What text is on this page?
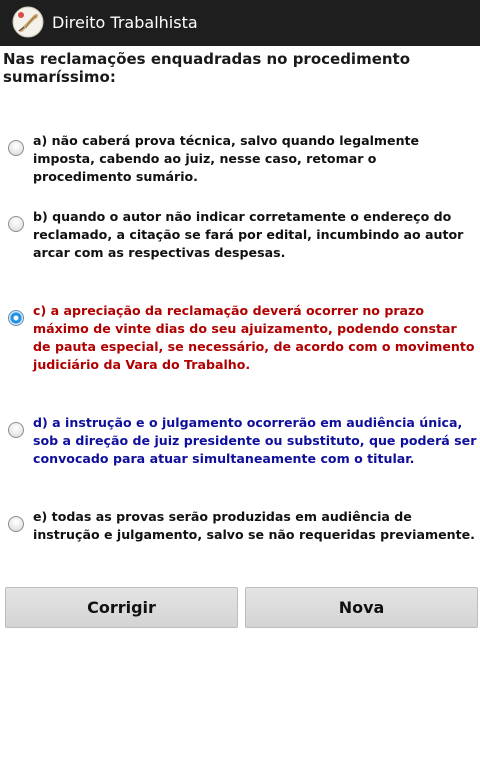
Direito Trabalhista
Nas reclamações enquadradas no procedimento sumaríssimo:
a) não caberá prova técnica, salvo quando legalmente imposta, cabendo ao juiz, nesse caso, retomar o procedimento sumário.
b) quando o autor não indicar corretamente o endereço do reclamado, a citação se fará por edital, incumbindo ao autor arcar com as respectivas despesas.
c) a apreciação da reclamação deverá ocorrer no prazo máximo de vinte dias do seu ajuizamento, podendo constar de pauta especial, se necessário, de acordo com o movimento judiciário da Vara do Trabalho.
d) a instrução e o julgamento ocorrerão em audiência única, sob a direção de juiz presidente ou substituto, que poderá ser convocado para atuar simultaneamente com o titular.
e) todas as provas serão produzidas em audiência de instrução e julgamento, salvo se não requeridas previamente.
Corrigir	Nova
